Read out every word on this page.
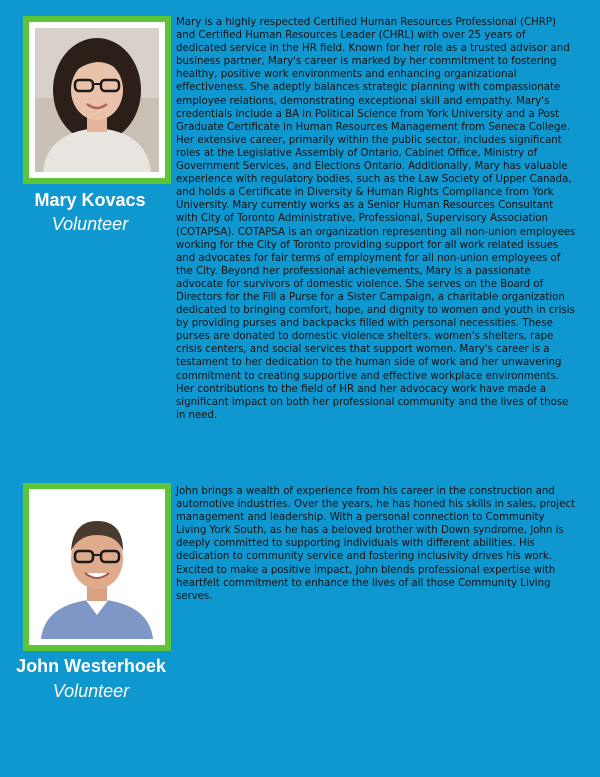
Mary Kovacs
Volunteer

Mary is a highly respected Certified Human Resources Professional (CHRP) and Certified Human Resources Leader (CHRL) with over 25 years of dedicated service in the HR field. Known for her role as a trusted advisor and business partner, Mary's career is marked by her commitment to fostering healthy, positive work environments and enhancing organizational effectiveness. She adeptly balances strategic planning with compassionate employee relations, demonstrating exceptional skill and empathy. Mary's credentials include a BA in Political Science from York University and a Post Graduate Certificate in Human Resources Management from Seneca College. Her extensive career, primarily within the public sector, includes significant roles at the Legislative Assembly of Ontario, Cabinet Office, Ministry of Government Services, and Elections Ontario. Additionally, Mary has valuable experience with regulatory bodies, such as the Law Society of Upper Canada, and holds a Certificate in Diversity & Human Rights Compliance from York University. Mary currently works as a Senior Human Resources Consultant with City of Toronto Administrative, Professional, Supervisory Association (COTAPSA). COTAPSA is an organization representing all non-union employees working for the City of Toronto providing support for all work related issues and advocates for fair terms of employment for all non-union employees of the City. Beyond her professional achievements, Mary is a passionate advocate for survivors of domestic violence. She serves on the Board of Directors for the Fill a Purse for a Sister Campaign, a charitable organization dedicated to bringing comfort, hope, and dignity to women and youth in crisis by providing purses and backpacks filled with personal necessities. These purses are donated to domestic violence shelters, women's shelters, rape crisis centers, and social services that support women. Mary's career is a testament to her dedication to the human side of work and her unwavering commitment to creating supportive and effective workplace environments. Her contributions to the field of HR and her advocacy work have made a significant impact on both her professional community and the lives of those in need.

John Westerhoek
Volunteer

John brings a wealth of experience from his career in the construction and automotive industries. Over the years, he has honed his skills in sales, project management and leadership. With a personal connection to Community Living York South, as he has a beloved brother with Down syndrome, John is deeply committed to supporting individuals with different abilities. His dedication to community service and fostering inclusivity drives his work. Excited to make a positive impact, John blends professional expertise with heartfelt commitment to enhance the lives of all those Community Living serves.
